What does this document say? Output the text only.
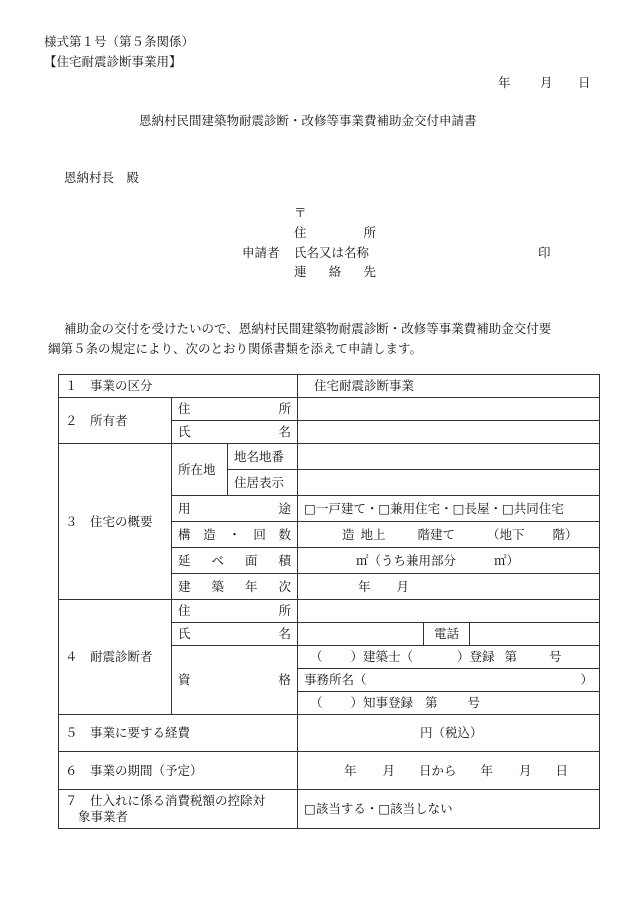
様式第１号（第５条関係）
【住宅耐震診断事業用】
年 月 日
恩納村民間建築物耐震診断・改修等事業費補助金交付申請書
恩納村長　殿
〒
住	所
申請者 氏名又は名称	印
連 絡 先
補助金の交付を受けたいので、恩納村民間建築物耐震診断・改修等事業費補助金交付要
綱第５条の規定により、次のとおり関係書類を添えて申請します。
１　事業の区分			住宅耐震診断事業		
２　所有者	住 所				

	氏 名				

３　住宅の概要	所在地	地名地番			
		住居表示			

	用 途		□一戸建て・□兼用住宅・□長屋・□共同住宅		

	構 造 ・ 回 数		造 地上 階建て （地下 階）		

	延 べ 面 積		㎡（うち兼用部分 ㎡）		

	建 築 年 次		年 月		
４　耐震診断者	住 所				

	氏 名			電話	

	資 格		（ ）建築士（ ）登録 第 号		

			事務所名（ ）		

			（ ）知事登録 第 号		
５　事業に要する経費			円（税込）		
６　事業の期間（予定）			年 月 日から 年 月 日		

７　仕入れに係る消費税額の控除対
象事業者			□該当する・□該当しない		
